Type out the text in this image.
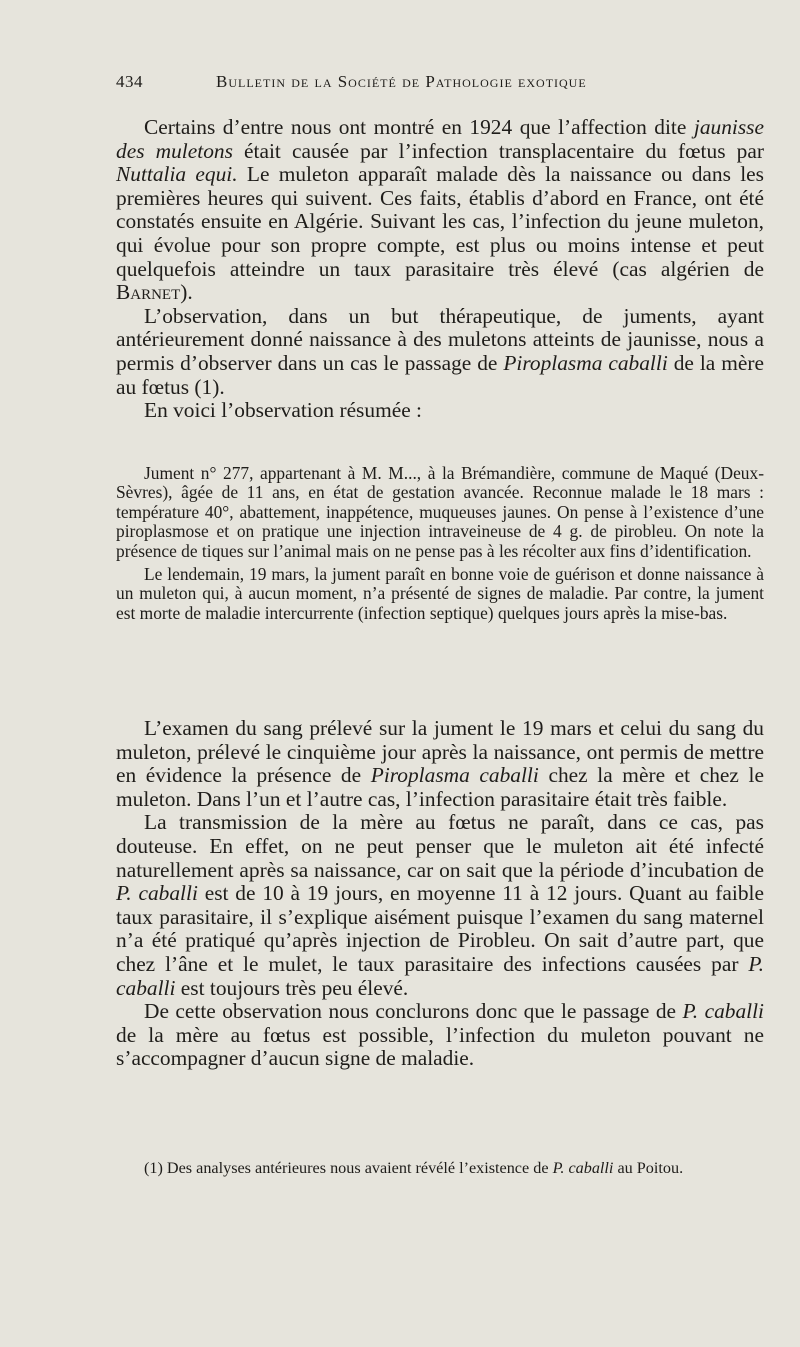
434	Bulletin de la Société de Pathologie exotique

Certains d’entre nous ont montré en 1924 que l’affection dite jaunisse des muletons était causée par l’infection transplacentaire du fœtus par Nuttalia equi. Le muleton apparaît malade dès la naissance ou dans les premières heures qui suivent. Ces faits, établis d’abord en France, ont été constatés ensuite en Algérie. Suivant les cas, l’infection du jeune muleton, qui évolue pour son propre compte, est plus ou moins intense et peut quelquefois atteindre un taux parasitaire très élevé (cas algérien de Barnet).

L’observation, dans un but thérapeutique, de juments, ayant antérieurement donné naissance à des muletons atteints de jaunisse, nous a permis d’observer dans un cas le passage de Piroplasma caballi de la mère au fœtus (1).

En voici l’observation résumée :

Jument n° 277, appartenant à M. M..., à la Brémandière, commune de Maqué (Deux-Sèvres), âgée de 11 ans, en état de gestation avancée. Reconnue malade le 18 mars : température 40°, abattement, inappétence, muqueuses jaunes. On pense à l’existence d’une piroplasmose et on pratique une injection intraveineuse de 4 g. de pirobleu. On note la présence de tiques sur l’animal mais on ne pense pas à les récolter aux fins d’identification.

Le lendemain, 19 mars, la jument paraît en bonne voie de guérison et donne naissance à un muleton qui, à aucun moment, n’a présenté de signes de maladie. Par contre, la jument est morte de maladie intercurrente (infection septique) quelques jours après la mise-bas.

L’examen du sang prélevé sur la jument le 19 mars et celui du sang du muleton, prélevé le cinquième jour après la naissance, ont permis de mettre en évidence la présence de Piroplasma caballi chez la mère et chez le muleton. Dans l’un et l’autre cas, l’infection parasitaire était très faible.

La transmission de la mère au fœtus ne paraît, dans ce cas, pas douteuse. En effet, on ne peut penser que le muleton ait été infecté naturellement après sa naissance, car on sait que la période d’incubation de P. caballi est de 10 à 19 jours, en moyenne 11 à 12 jours. Quant au faible taux parasitaire, il s’explique aisément puisque l’examen du sang maternel n’a été pratiqué qu’après injection de Pirobleu. On sait d’autre part, que chez l’âne et le mulet, le taux parasitaire des infections causées par P. caballi est toujours très peu élevé.

De cette observation nous conclurons donc que le passage de P. caballi de la mère au fœtus est possible, l’infection du muleton pouvant ne s’accompagner d’aucun signe de maladie.

(1) Des analyses antérieures nous avaient révélé l’existence de P. caballi au Poitou.
